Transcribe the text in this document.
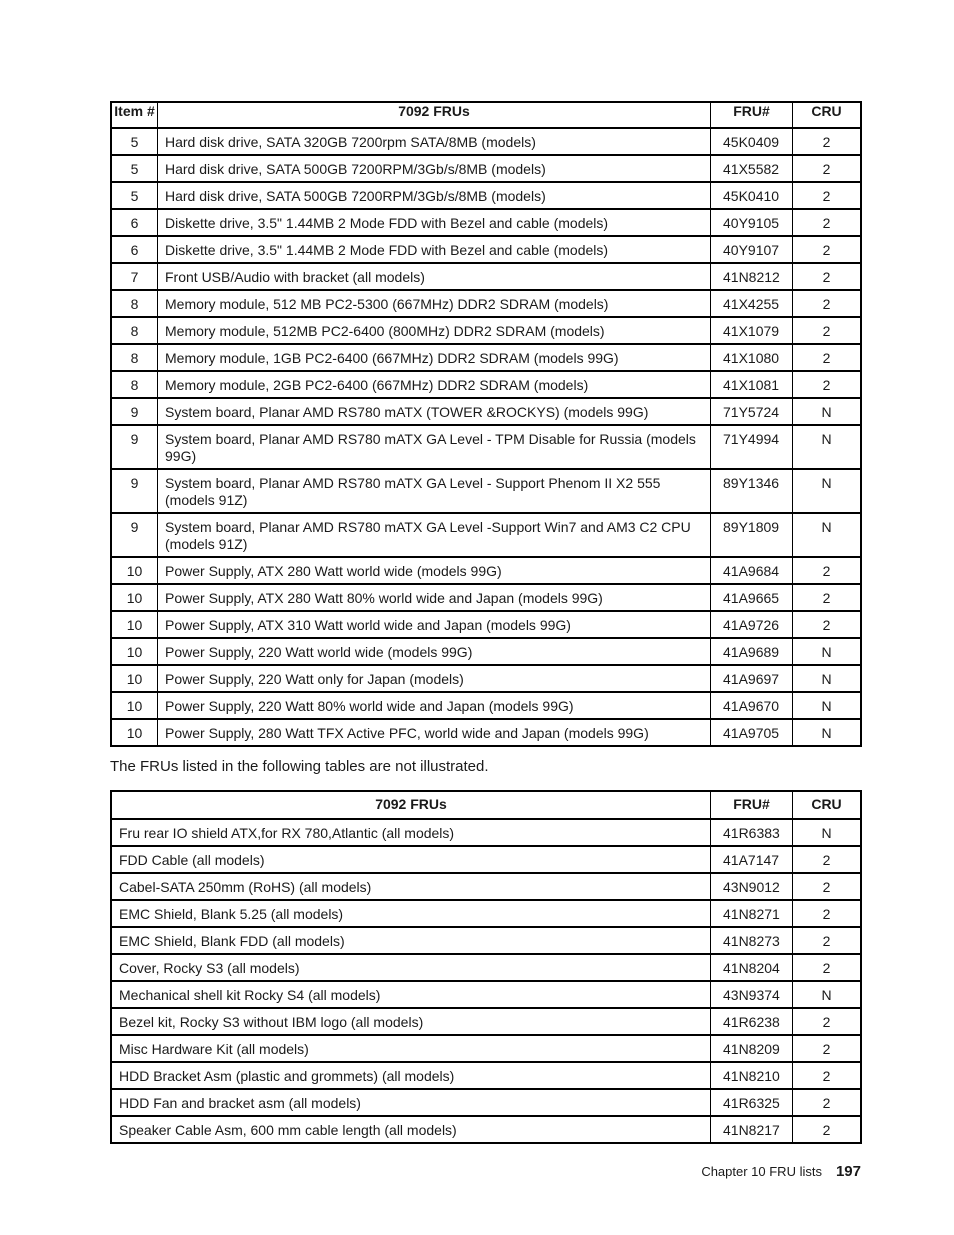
Item #	7092 FRUs	FRU#	CRU
5	Hard disk drive, SATA 320GB 7200rpm SATA/8MB (models)	45K0409	2
5	Hard disk drive, SATA 500GB 7200RPM/3Gb/s/8MB (models)	41X5582	2
5	Hard disk drive, SATA 500GB 7200RPM/3Gb/s/8MB (models)	45K0410	2
6	Diskette drive, 3.5" 1.44MB 2 Mode FDD with Bezel and cable (models)	40Y9105	2
6	Diskette drive, 3.5" 1.44MB 2 Mode FDD with Bezel and cable (models)	40Y9107	2
7	Front USB/Audio with bracket (all models)	41N8212	2
8	Memory module, 512 MB PC2-5300 (667MHz) DDR2 SDRAM (models)	41X4255	2
8	Memory module, 512MB PC2-6400 (800MHz) DDR2 SDRAM (models)	41X1079	2
8	Memory module, 1GB PC2-6400 (667MHz) DDR2 SDRAM (models 99G)	41X1080	2
8	Memory module, 2GB PC2-6400 (667MHz) DDR2 SDRAM (models)	41X1081	2
9	System board, Planar AMD RS780 mATX (TOWER &ROCKYS) (models 99G)	71Y5724	N
9	System board, Planar AMD RS780 mATX GA Level - TPM Disable for Russia (models 99G)	71Y4994	N
9	System board, Planar AMD RS780 mATX GA Level - Support Phenom II X2 555 (models 91Z)	89Y1346	N
9	System board, Planar AMD RS780 mATX GA Level -Support Win7 and AM3 C2 CPU (models 91Z)	89Y1809	N
10	Power Supply, ATX 280 Watt world wide (models 99G)	41A9684	2
10	Power Supply, ATX 280 Watt 80% world wide and Japan (models 99G)	41A9665	2
10	Power Supply, ATX 310 Watt world wide and Japan (models 99G)	41A9726	2
10	Power Supply, 220 Watt world wide (models 99G)	41A9689	N
10	Power Supply, 220 Watt only for Japan (models)	41A9697	N
10	Power Supply, 220 Watt 80% world wide and Japan (models 99G)	41A9670	N
10	Power Supply, 280 Watt TFX Active PFC, world wide and Japan (models 99G)	41A9705	N
The FRUs listed in the following tables are not illustrated.
7092 FRUs	FRU#	CRU
Fru rear IO shield ATX,for RX 780,Atlantic (all models)	41R6383	N
FDD Cable (all models)	41A7147	2
Cabel-SATA 250mm (RoHS) (all models)	43N9012	2
EMC Shield, Blank 5.25 (all models)	41N8271	2
EMC Shield, Blank FDD (all models)	41N8273	2
Cover, Rocky S3 (all models)	41N8204	2
Mechanical shell kit Rocky S4 (all models)	43N9374	N
Bezel kit, Rocky S3 without IBM logo (all models)	41R6238	2
Misc Hardware Kit (all models)	41N8209	2
HDD Bracket Asm (plastic and grommets) (all models)	41N8210	2
HDD Fan and bracket asm (all models)	41R6325	2
Speaker Cable Asm, 600 mm cable length (all models)	41N8217	2
Chapter 10 FRU lists 197
